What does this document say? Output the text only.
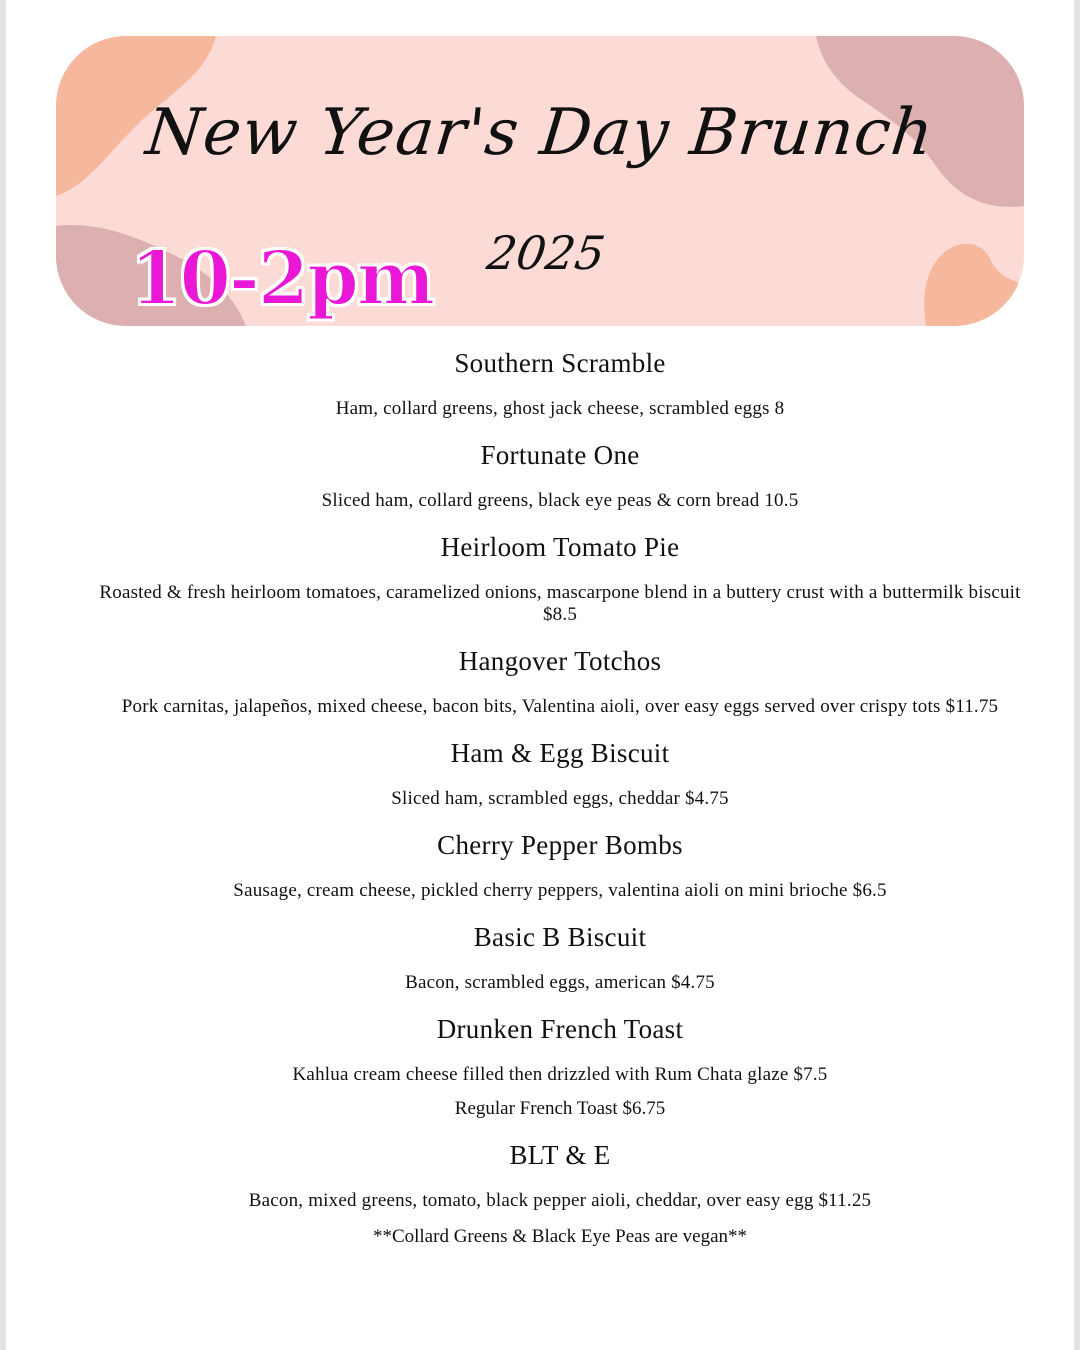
New Year's Day Brunch
2025
10-2pm
Southern Scramble
Ham, collard greens, ghost jack cheese, scrambled eggs 8
Fortunate One
Sliced ham, collard greens, black eye peas & corn bread 10.5
Heirloom Tomato Pie
Roasted & fresh heirloom tomatoes, caramelized onions, mascarpone blend in a buttery crust with a buttermilk biscuit $8.5
Hangover Totchos
Pork carnitas, jalapeños, mixed cheese, bacon bits, Valentina aioli, over easy eggs served over crispy tots $11.75
Ham & Egg Biscuit
Sliced ham, scrambled eggs, cheddar $4.75
Cherry Pepper Bombs
Sausage, cream cheese, pickled cherry peppers, valentina aioli on mini brioche $6.5
Basic B Biscuit
Bacon, scrambled eggs, american $4.75
Drunken French Toast
Kahlua cream cheese filled then drizzled with Rum Chata glaze $7.5
Regular French Toast $6.75
BLT & E
Bacon, mixed greens, tomato, black pepper aioli, cheddar, over easy egg $11.25
**Collard Greens & Black Eye Peas are vegan**
